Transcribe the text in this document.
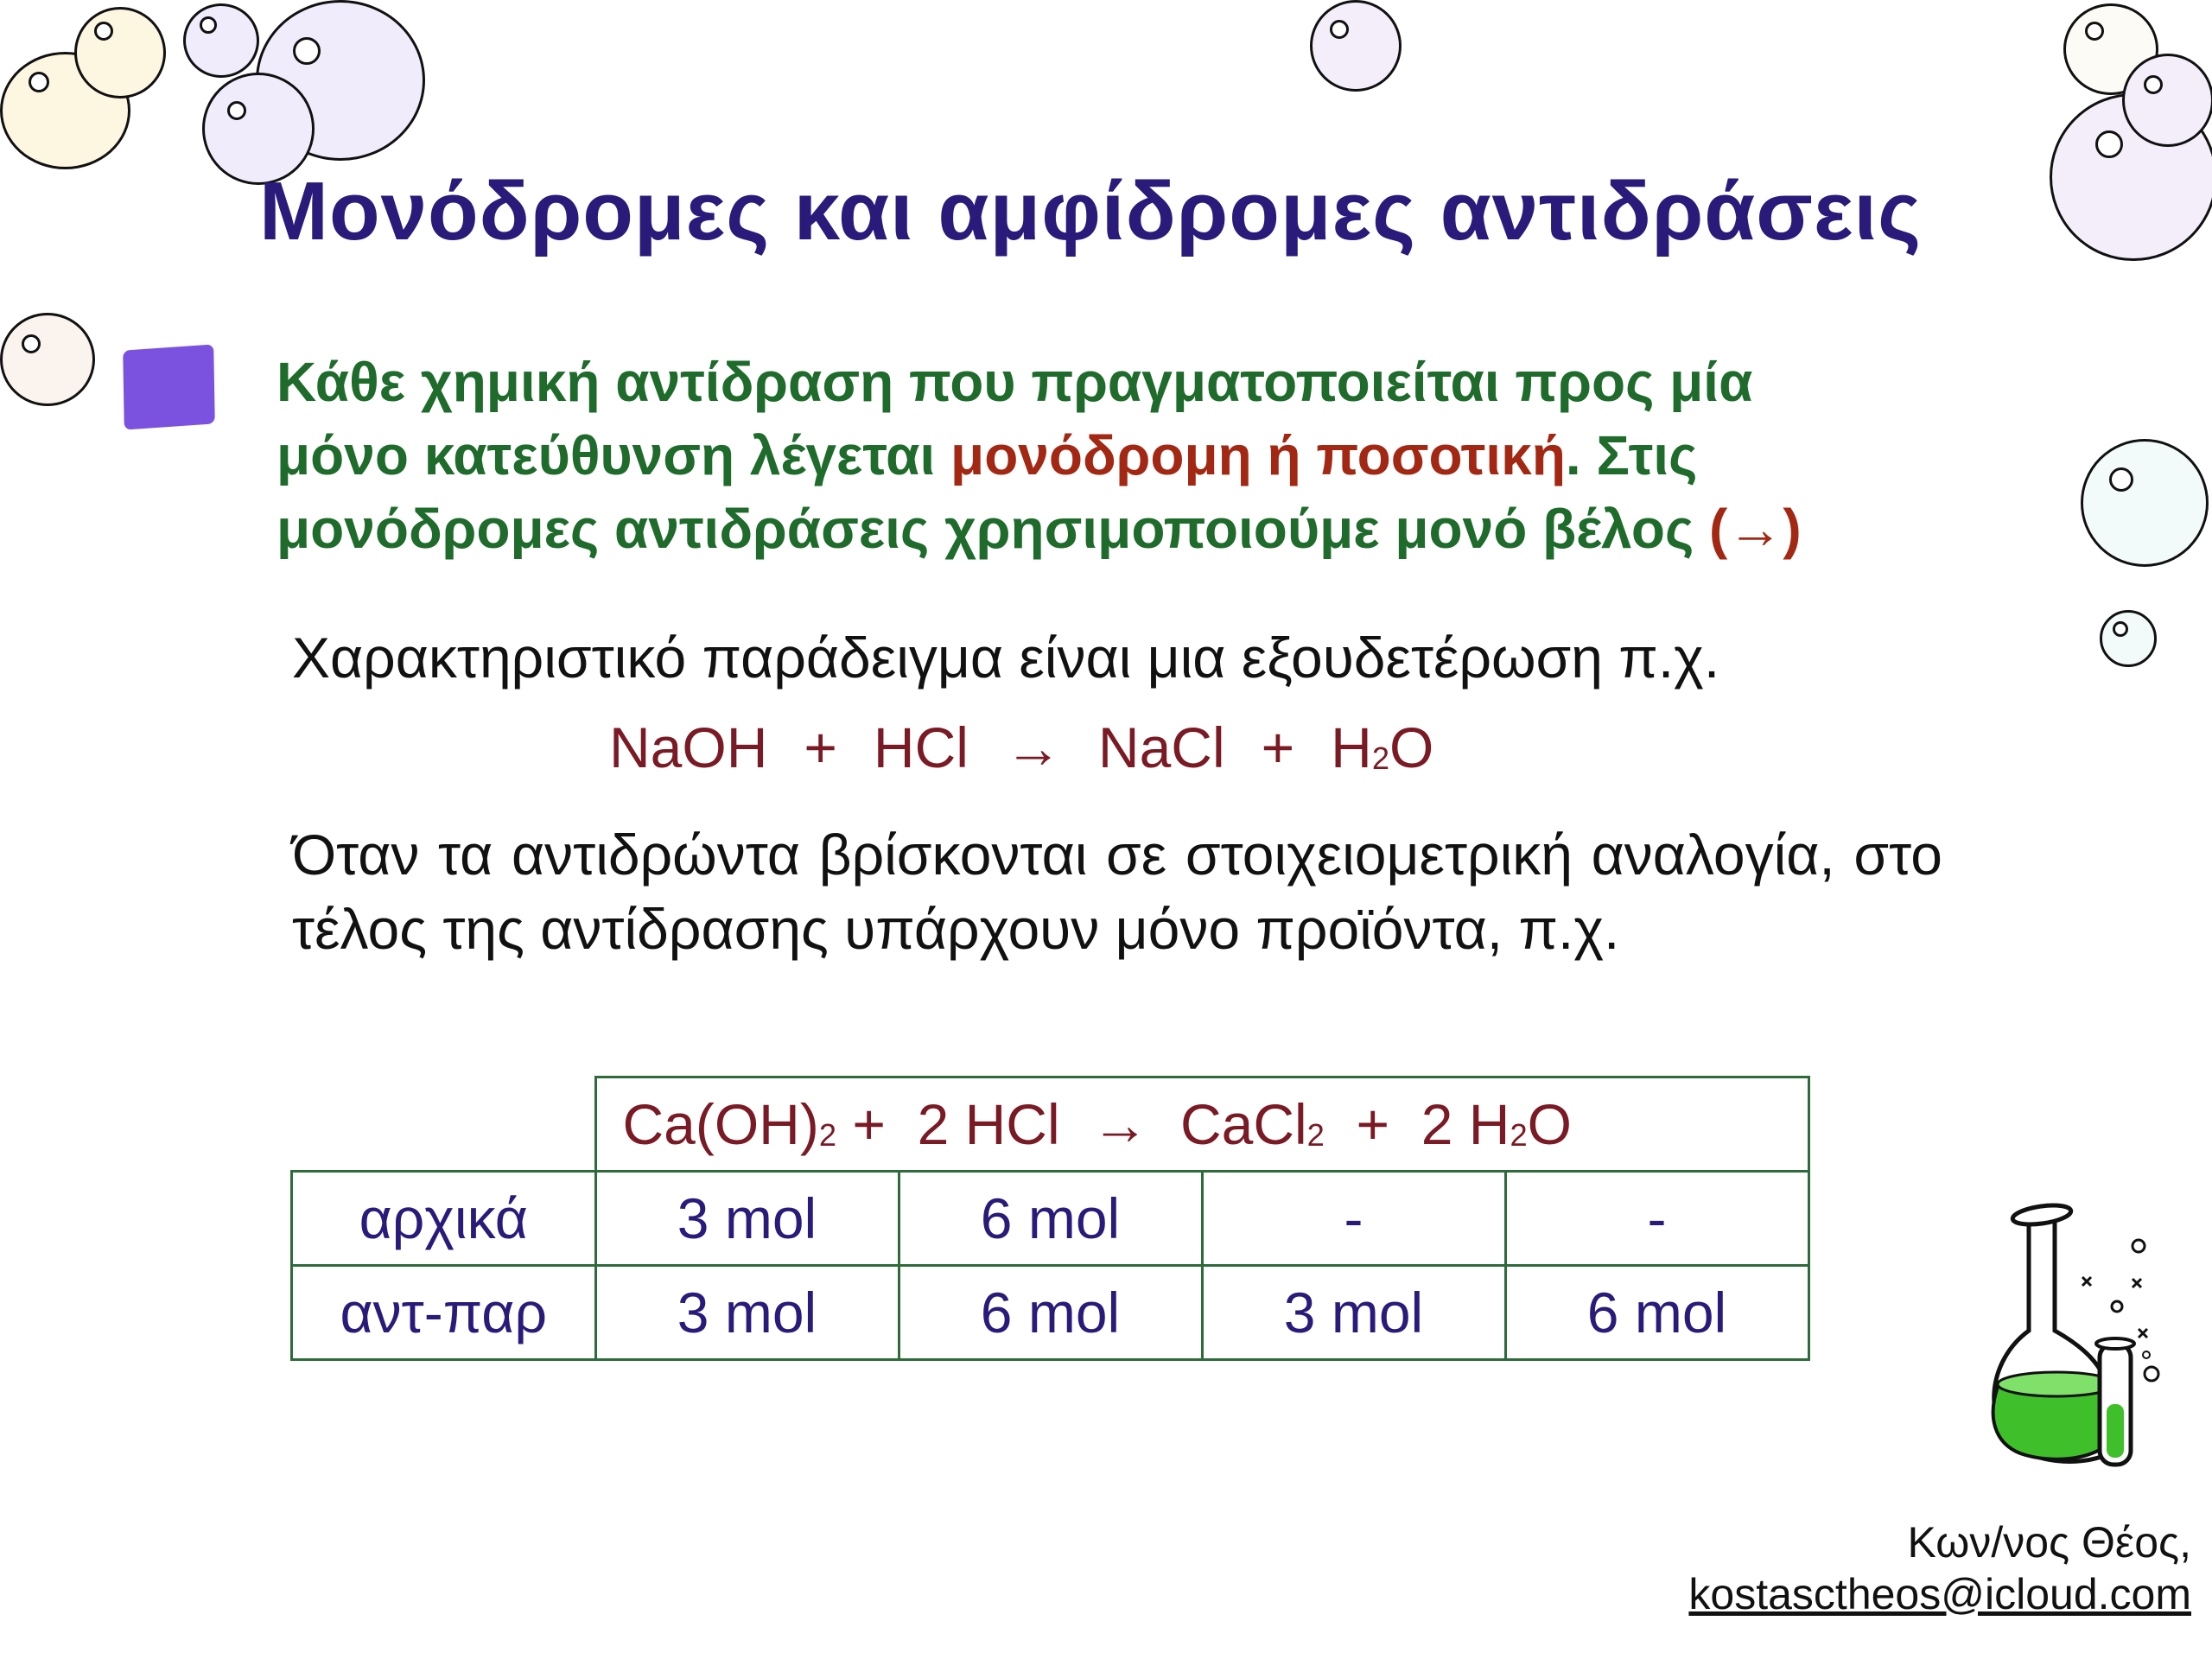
Μονόδρομες και αμφίδρομες αντιδράσεις
Κάθε χημική αντίδραση που πραγματοποιείται προς μία
μόνο κατεύθυνση λέγεται μονόδρομη ή ποσοτική. Στις
μονόδρομες αντιδράσεις χρησιμοποιούμε μονό βέλος (→)
Χαρακτηριστικό παράδειγμα είναι μια εξουδετέρωση π.χ.
NaOH + HCl → NaCl + $H_2O$
Όταν τα αντιδρώντα βρίσκονται σε στοιχειομετρική αναλογία, στο τέλος της αντίδρασης υπάρχουν μόνο προϊόντα, π.χ.
	$Ca(OH)_2 + 2$ HCl  →  CaCl$_2$  +  2 $H_2O$			
αρχικά	3 mol	6 mol	-	-
αντ-παρ	3 mol	6 mol	3 mol	6 mol
Κων/νος Θέος,
kostasctheos@icloud.com
